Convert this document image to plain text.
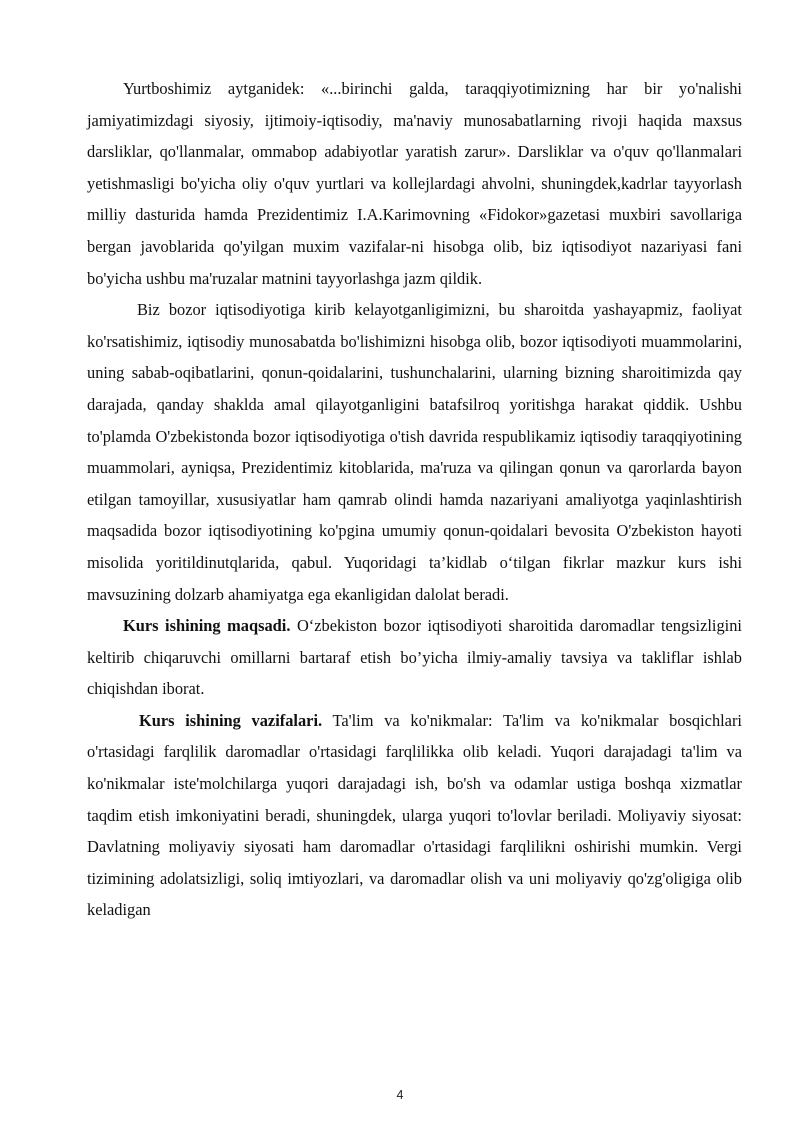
Yurtboshimiz aytganidek: «...birinchi galda, taraqqiyotimizning har bir yo'nalishi jamiyatimizdagi siyosiy, ijtimoiy-iqtisodiy, ma'naviy munosabatlarning rivoji haqida maxsus darsliklar, qo'llanmalar, ommabop adabiyotlar yaratish zarur». Darsliklar va o'quv qo'llanmalari yetishmasligi bo'yicha oliy o'quv yurtlari va kollejlardagi ahvolni, shuningdek,kadrlar tayyorlash milliy dasturida hamda Prezidentimiz I.A.Karimovning «Fidokor»gazetasi muxbiri savollariga bergan javoblarida qo'yilgan muxim vazifalar-ni hisobga olib, biz iqtisodiyot nazariyasi fani bo'yicha ushbu ma'ruzalar matnini tayyorlashga jazm qildik.

Biz bozor iqtisodiyotiga kirib kelayotganligimizni, bu sharoitda yashayapmiz, faoliyat ko'rsatishimiz, iqtisodiy munosabatda bo'lishimizni hisobga olib, bozor iqtisodiyoti muammolarini, uning sabab-oqibatlarini, qonun-qoidalarini, tushunchalarini, ularning bizning sharoitimizda qay darajada, qanday shaklda amal qilayotganligini batafsilroq yoritishga harakat qiddik. Ushbu to'plamda O'zbekistonda bozor iqtisodiyotiga o'tish davrida respublikamiz iqtisodiy taraqqiyotining muammolari, ayniqsa, Prezidentimiz kitoblarida, ma'ruza va qilingan qonun va qarorlarda bayon etilgan tamoyillar, xususiyatlar ham qamrab olindi hamda nazariyani amaliyotga yaqinlashtirish maqsadida bozor iqtisodiyotining ko'pgina umumiy qonun-qoidalari bevosita O'zbekiston hayoti misolida yoritildinutqlarida, qabul. Yuqoridagi ta’kidlab o‘tilgan fikrlar mazkur kurs ishi mavsuzining dolzarb ahamiyatga ega ekanligidan dalolat beradi.

Kurs ishining maqsadi. O‘zbekiston bozor iqtisodiyoti sharoitida daromadlar tengsizligini keltirib chiqaruvchi omillarni bartaraf etish bo’yicha ilmiy-amaliy tavsiya va takliflar ishlab chiqishdan iborat.

Kurs ishining vazifalari. Ta'lim va ko'nikmalar: Ta'lim va ko'nikmalar bosqichlari o'rtasidagi farqlilik daromadlar o'rtasidagi farqlilikka olib keladi. Yuqori darajadagi ta'lim va ko'nikmalar iste'molchilarga yuqori darajadagi ish, bo'sh va odamlar ustiga boshqa xizmatlar taqdim etish imkoniyatini beradi, shuningdek, ularga yuqori to'lovlar beriladi. Moliyaviy siyosat: Davlatning moliyaviy siyosati ham daromadlar o'rtasidagi farqlilikni oshirishi mumkin. Vergi tizimining adolatsizligi, soliq imtiyozlari, va daromadlar olish va uni moliyaviy qo'zg'oligiga olib keladigan

4
